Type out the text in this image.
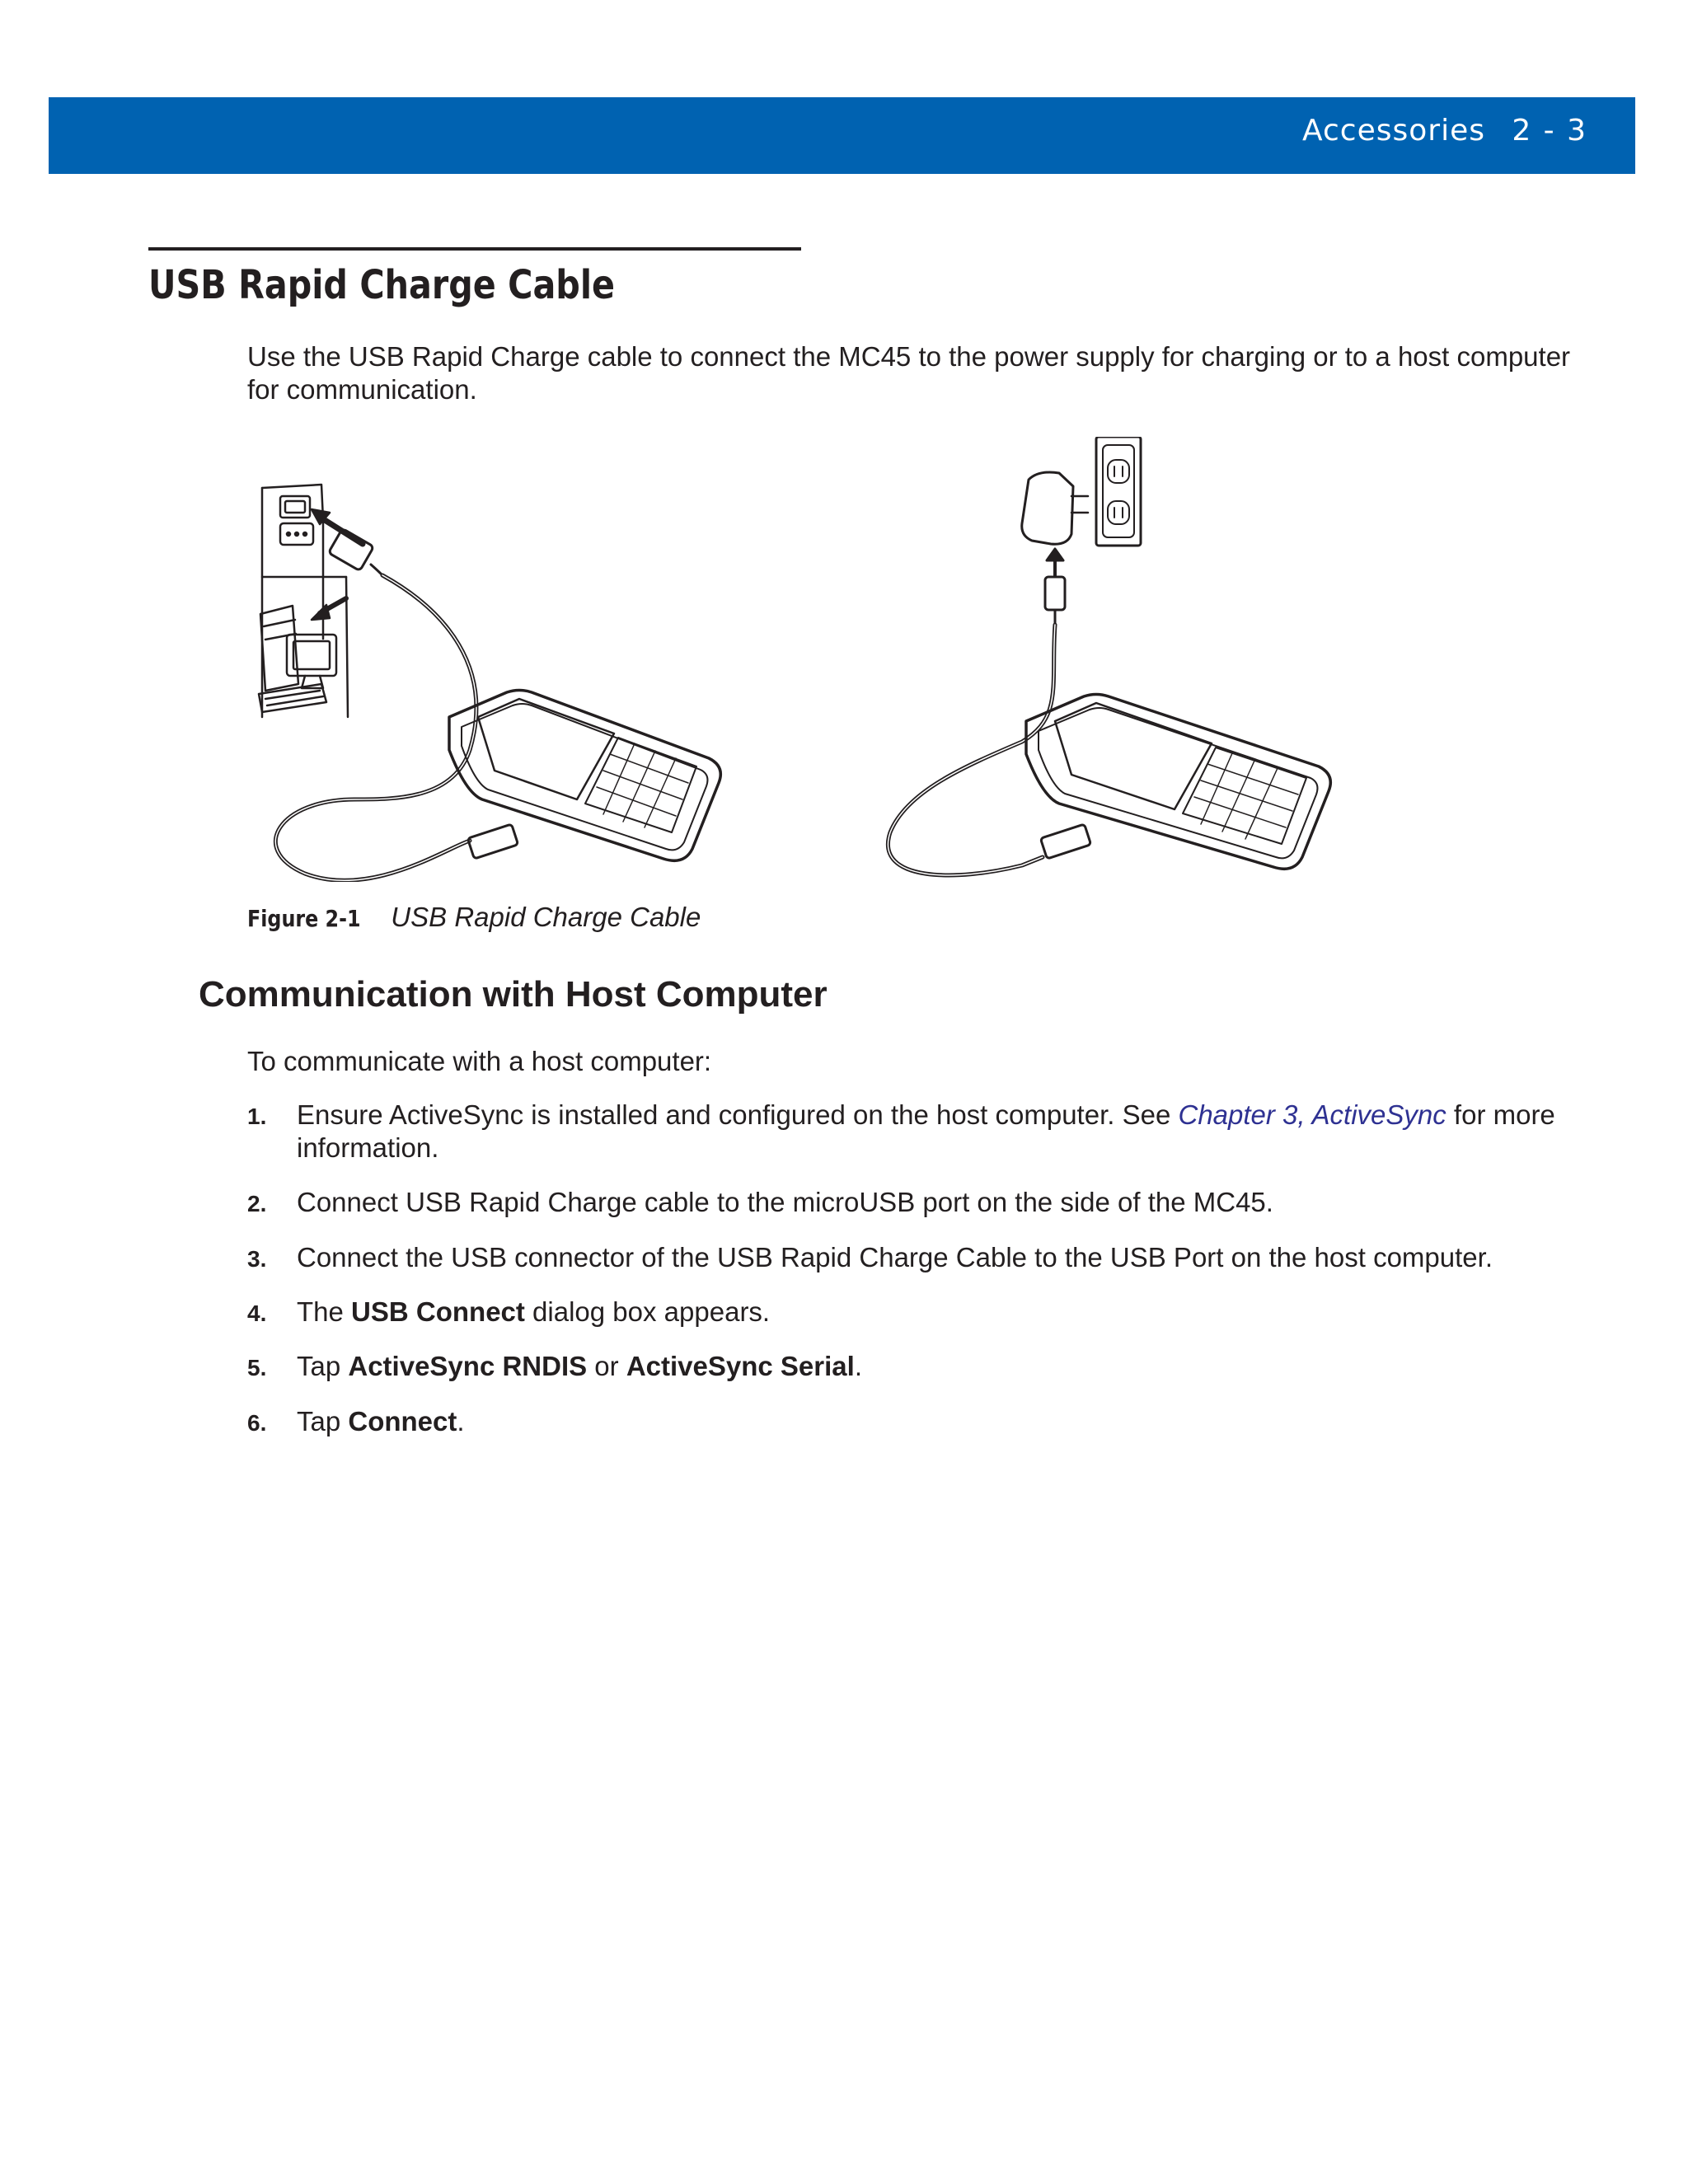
Accessories 2 - 3
USB Rapid Charge Cable

Use the USB Rapid Charge cable to connect the MC45 to the power supply for charging or to a host computer for communication.

Figure 2-1 USB Rapid Charge Cable
Communication with Host Computer

To communicate with a host computer:

1. Ensure ActiveSync is installed and configured on the host computer. See Chapter 3, ActiveSync for more information.
2. Connect USB Rapid Charge cable to the microUSB port on the side of the MC45.
3. Connect the USB connector of the USB Rapid Charge Cable to the USB Port on the host computer.
4. The USB Connect dialog box appears.
5. Tap ActiveSync RNDIS or ActiveSync Serial.
6. Tap Connect.
